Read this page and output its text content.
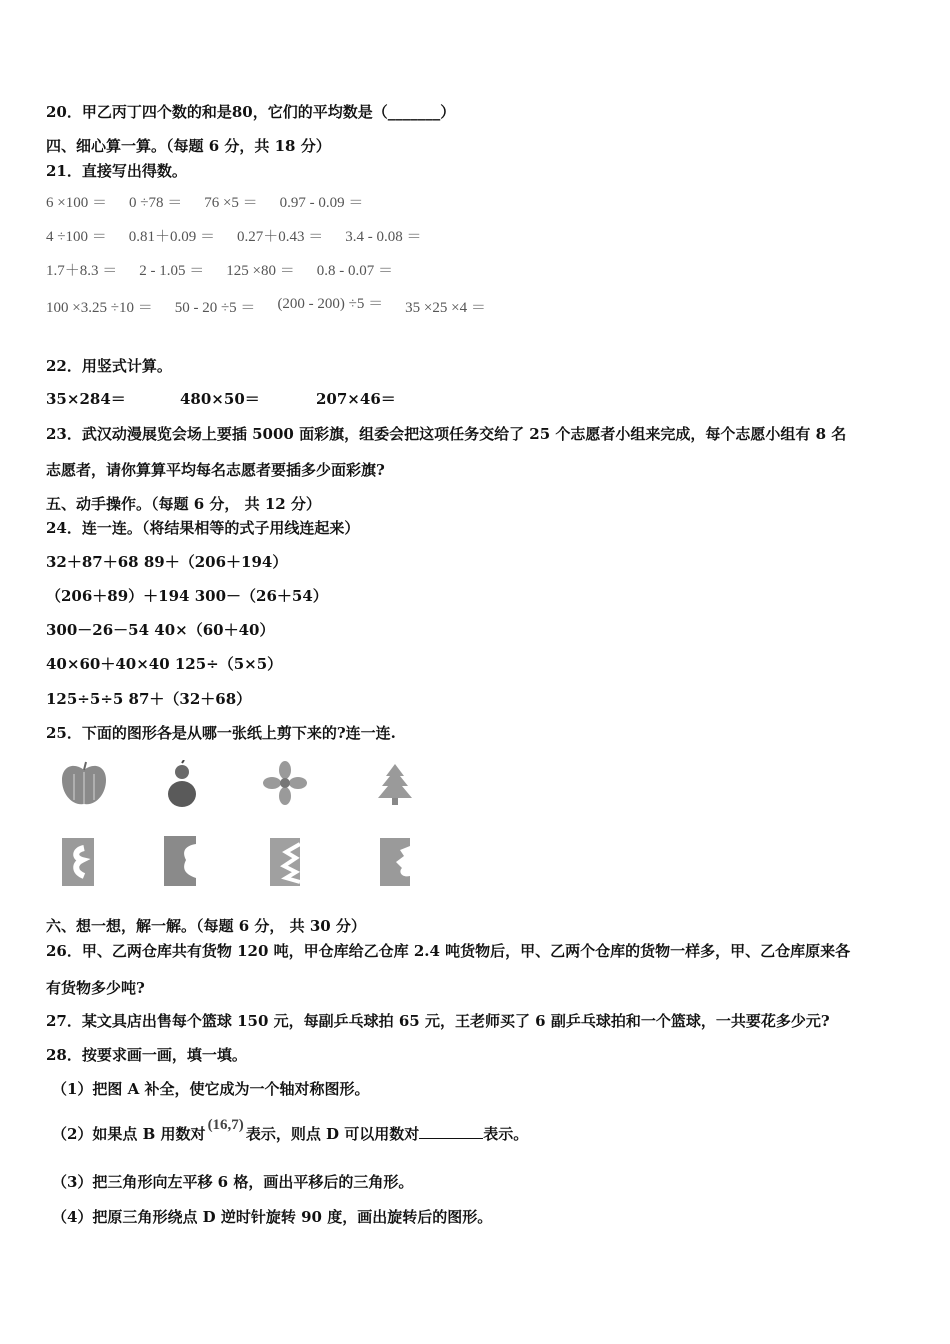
20．甲乙丙丁四个数的和是80，它们的平均数是（_______）
四、细心算一算。（每题 6 分，共 18 分）
21．直接写出得数。
6 ×100 ＝ 0 ÷78 ＝ 76 ×5 ＝ 0.97 - 0.09 ＝
4 ÷100 ＝ 0.81＋0.09 ＝ 0.27＋0.43 ＝ 3.4 - 0.08 ＝
1.7＋8.3 ＝ 2 - 1.05 ＝ 125 ×80 ＝ 0.8 - 0.07 ＝
100 ×3.25 ÷10 ＝ 50 - 20 ÷5 ＝ (200 - 200) ÷5 ＝ 35 ×25 ×4 ＝
22．用竖式计算。
35×284＝	480×50＝	207×46＝
23．武汉动漫展览会场上要插 5000 面彩旗，组委会把这项任务交给了 25 个志愿者小组来完成，每个志愿小组有 8 名
志愿者，请你算算平均每名志愿者要插多少面彩旗?
五、动手操作。（每题 6 分， 共 12 分）
24．连一连。（将结果相等的式子用线连起来）
32＋87＋68 89＋（206＋194）
（206＋89）＋194 300－（26＋54）
300－26－54 40×（60＋40）
40×60＋40×40 125÷（5×5）
125÷5÷5 87＋（32＋68）
25．下面的图形各是从哪一张纸上剪下来的?连一连.
六、想一想，解一解。（每题 6 分， 共 30 分）
26．甲、乙两仓库共有货物 120 吨，甲仓库给乙仓库 2.4 吨货物后，甲、乙两个仓库的货物一样多，甲、乙仓库原来各
有货物多少吨?
27．某文具店出售每个篮球 150 元，每副乒乓球拍 65 元，王老师买了 6 副乒乓球拍和一个篮球，一共要花多少元?
28．按要求画一画，填一填。
（1）把图 A 补全，使它成为一个轴对称图形。
（2）如果点 B 用数对 (16,7) 表示，则点 D 可以用数对	表示。
（3）把三角形向左平移 6 格，画出平移后的三角形。
（4）把原三角形绕点 D 逆时针旋转 90 度，画出旋转后的图形。
